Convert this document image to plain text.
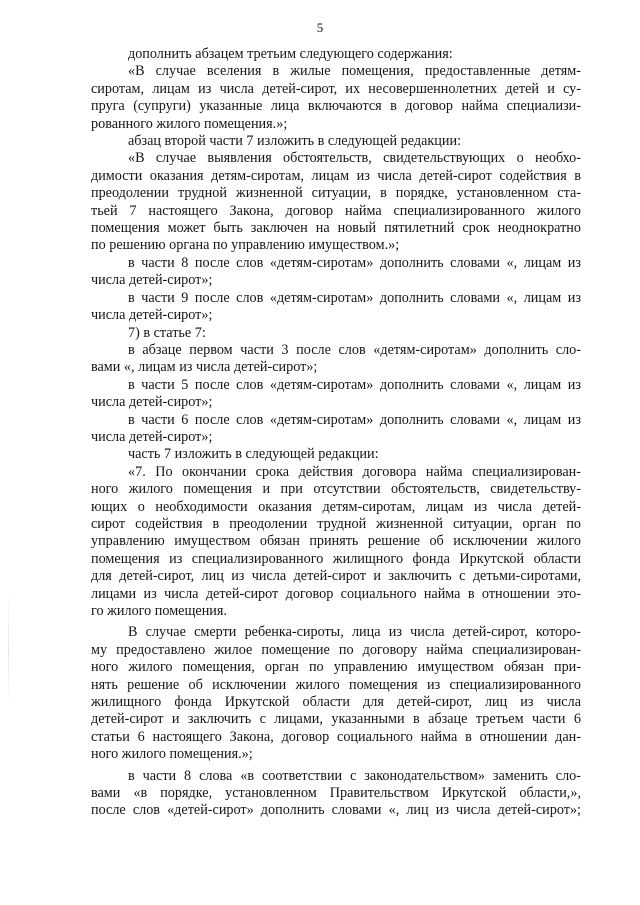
5
дополнить абзацем третьим следующего содержания:
«В случае вселения в жилые помещения, предоставленные детям-
сиротам, лицам из числа детей-сирот, их несовершеннолетних детей и су-
пруга (супруги) указанные лица включаются в договор найма специализи-
рованного жилого помещения.»;
абзац второй части 7 изложить в следующей редакции:
«В случае выявления обстоятельств, свидетельствующих о необхо-
димости оказания детям-сиротам, лицам из числа детей-сирот содействия в
преодолении трудной жизненной ситуации, в порядке, установленном ста-
тьей 7 настоящего Закона, договор найма специализированного жилого
помещения может быть заключен на новый пятилетний срок неоднократно
по решению органа по управлению имуществом.»;
в части 8 после слов «детям-сиротам» дополнить словами «, лицам из
числа детей-сирот»;
в части 9 после слов «детям-сиротам» дополнить словами «, лицам из
числа детей-сирот»;
7) в статье 7:
в абзаце первом части 3 после слов «детям-сиротам» дополнить сло-
вами «, лицам из числа детей-сирот»;
в части 5 после слов «детям-сиротам» дополнить словами «, лицам из
числа детей-сирот»;
в части 6 после слов «детям-сиротам» дополнить словами «, лицам из
числа детей-сирот»;
часть 7 изложить в следующей редакции:
«7. По окончании срока действия договора найма специализирован-
ного жилого помещения и при отсутствии обстоятельств, свидетельству-
ющих о необходимости оказания детям-сиротам, лицам из числа детей-
сирот содействия в преодолении трудной жизненной ситуации, орган по
управлению имуществом обязан принять решение об исключении жилого
помещения из специализированного жилищного фонда Иркутской области
для детей-сирот, лиц из числа детей-сирот и заключить с детьми-сиротами,
лицами из числа детей-сирот договор социального найма в отношении это-
го жилого помещения.
В случае смерти ребенка-сироты, лица из числа детей-сирот, которо-
му предоставлено жилое помещение по договору найма специализирован-
ного жилого помещения, орган по управлению имуществом обязан при-
нять решение об исключении жилого помещения из специализированного
жилищного фонда Иркутской области для детей-сирот, лиц из числа
детей-сирот и заключить с лицами, указанными в абзаце третьем части 6
статьи 6 настоящего Закона, договор социального найма в отношении дан-
ного жилого помещения.»;
в части 8 слова «в соответствии с законодательством» заменить сло-
вами «в порядке, установленном Правительством Иркутской области,»,
после слов «детей-сирот» дополнить словами «, лиц из числа детей-сирот»;
